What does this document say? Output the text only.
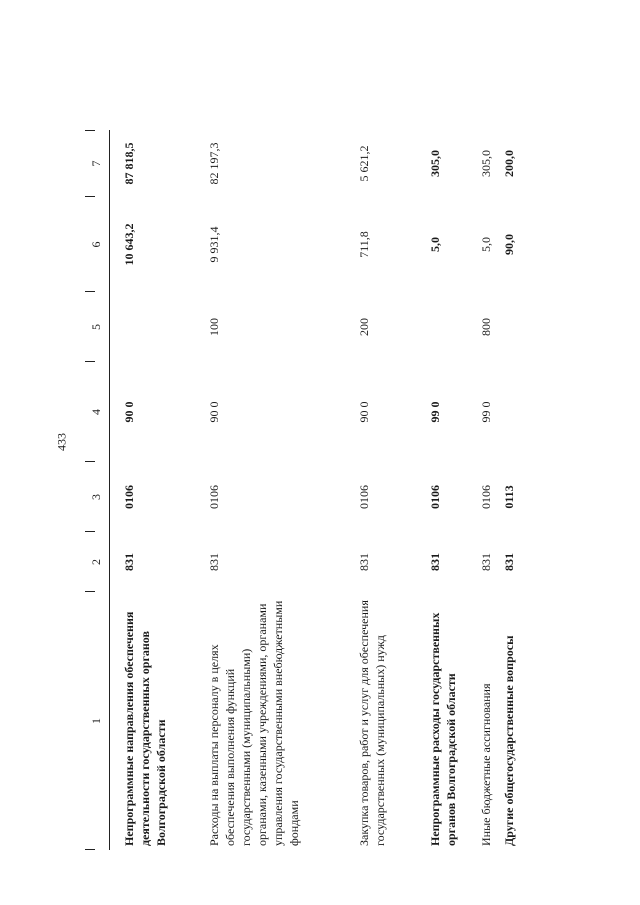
433
1
2
3
4
5
6
7
Непрограммные направления обеспечения деятельности государственных органов Волгоградской области
831
0106
90 0
10 643,2
87 818,5
Расходы на выплаты персоналу в целях обеспечения выполнения функций государственными (муниципальными) органами, казенными учреждениями, органами управления государственными внебюджетными фондами
831
0106
90 0
100
9 931,4
82 197,3
Закупка товаров, работ и услуг для обеспечения государственных (муниципальных) нужд
831
0106
90 0
200
711,8
5 621,2
Непрограммные расходы государственных органов Волгоградской области
831
0106
99 0
5,0
305,0
Иные бюджетные ассигнования
831
0106
99 0
800
5,0
305,0
Другие общегосударственные вопросы
831
0113
90,0
200,0
